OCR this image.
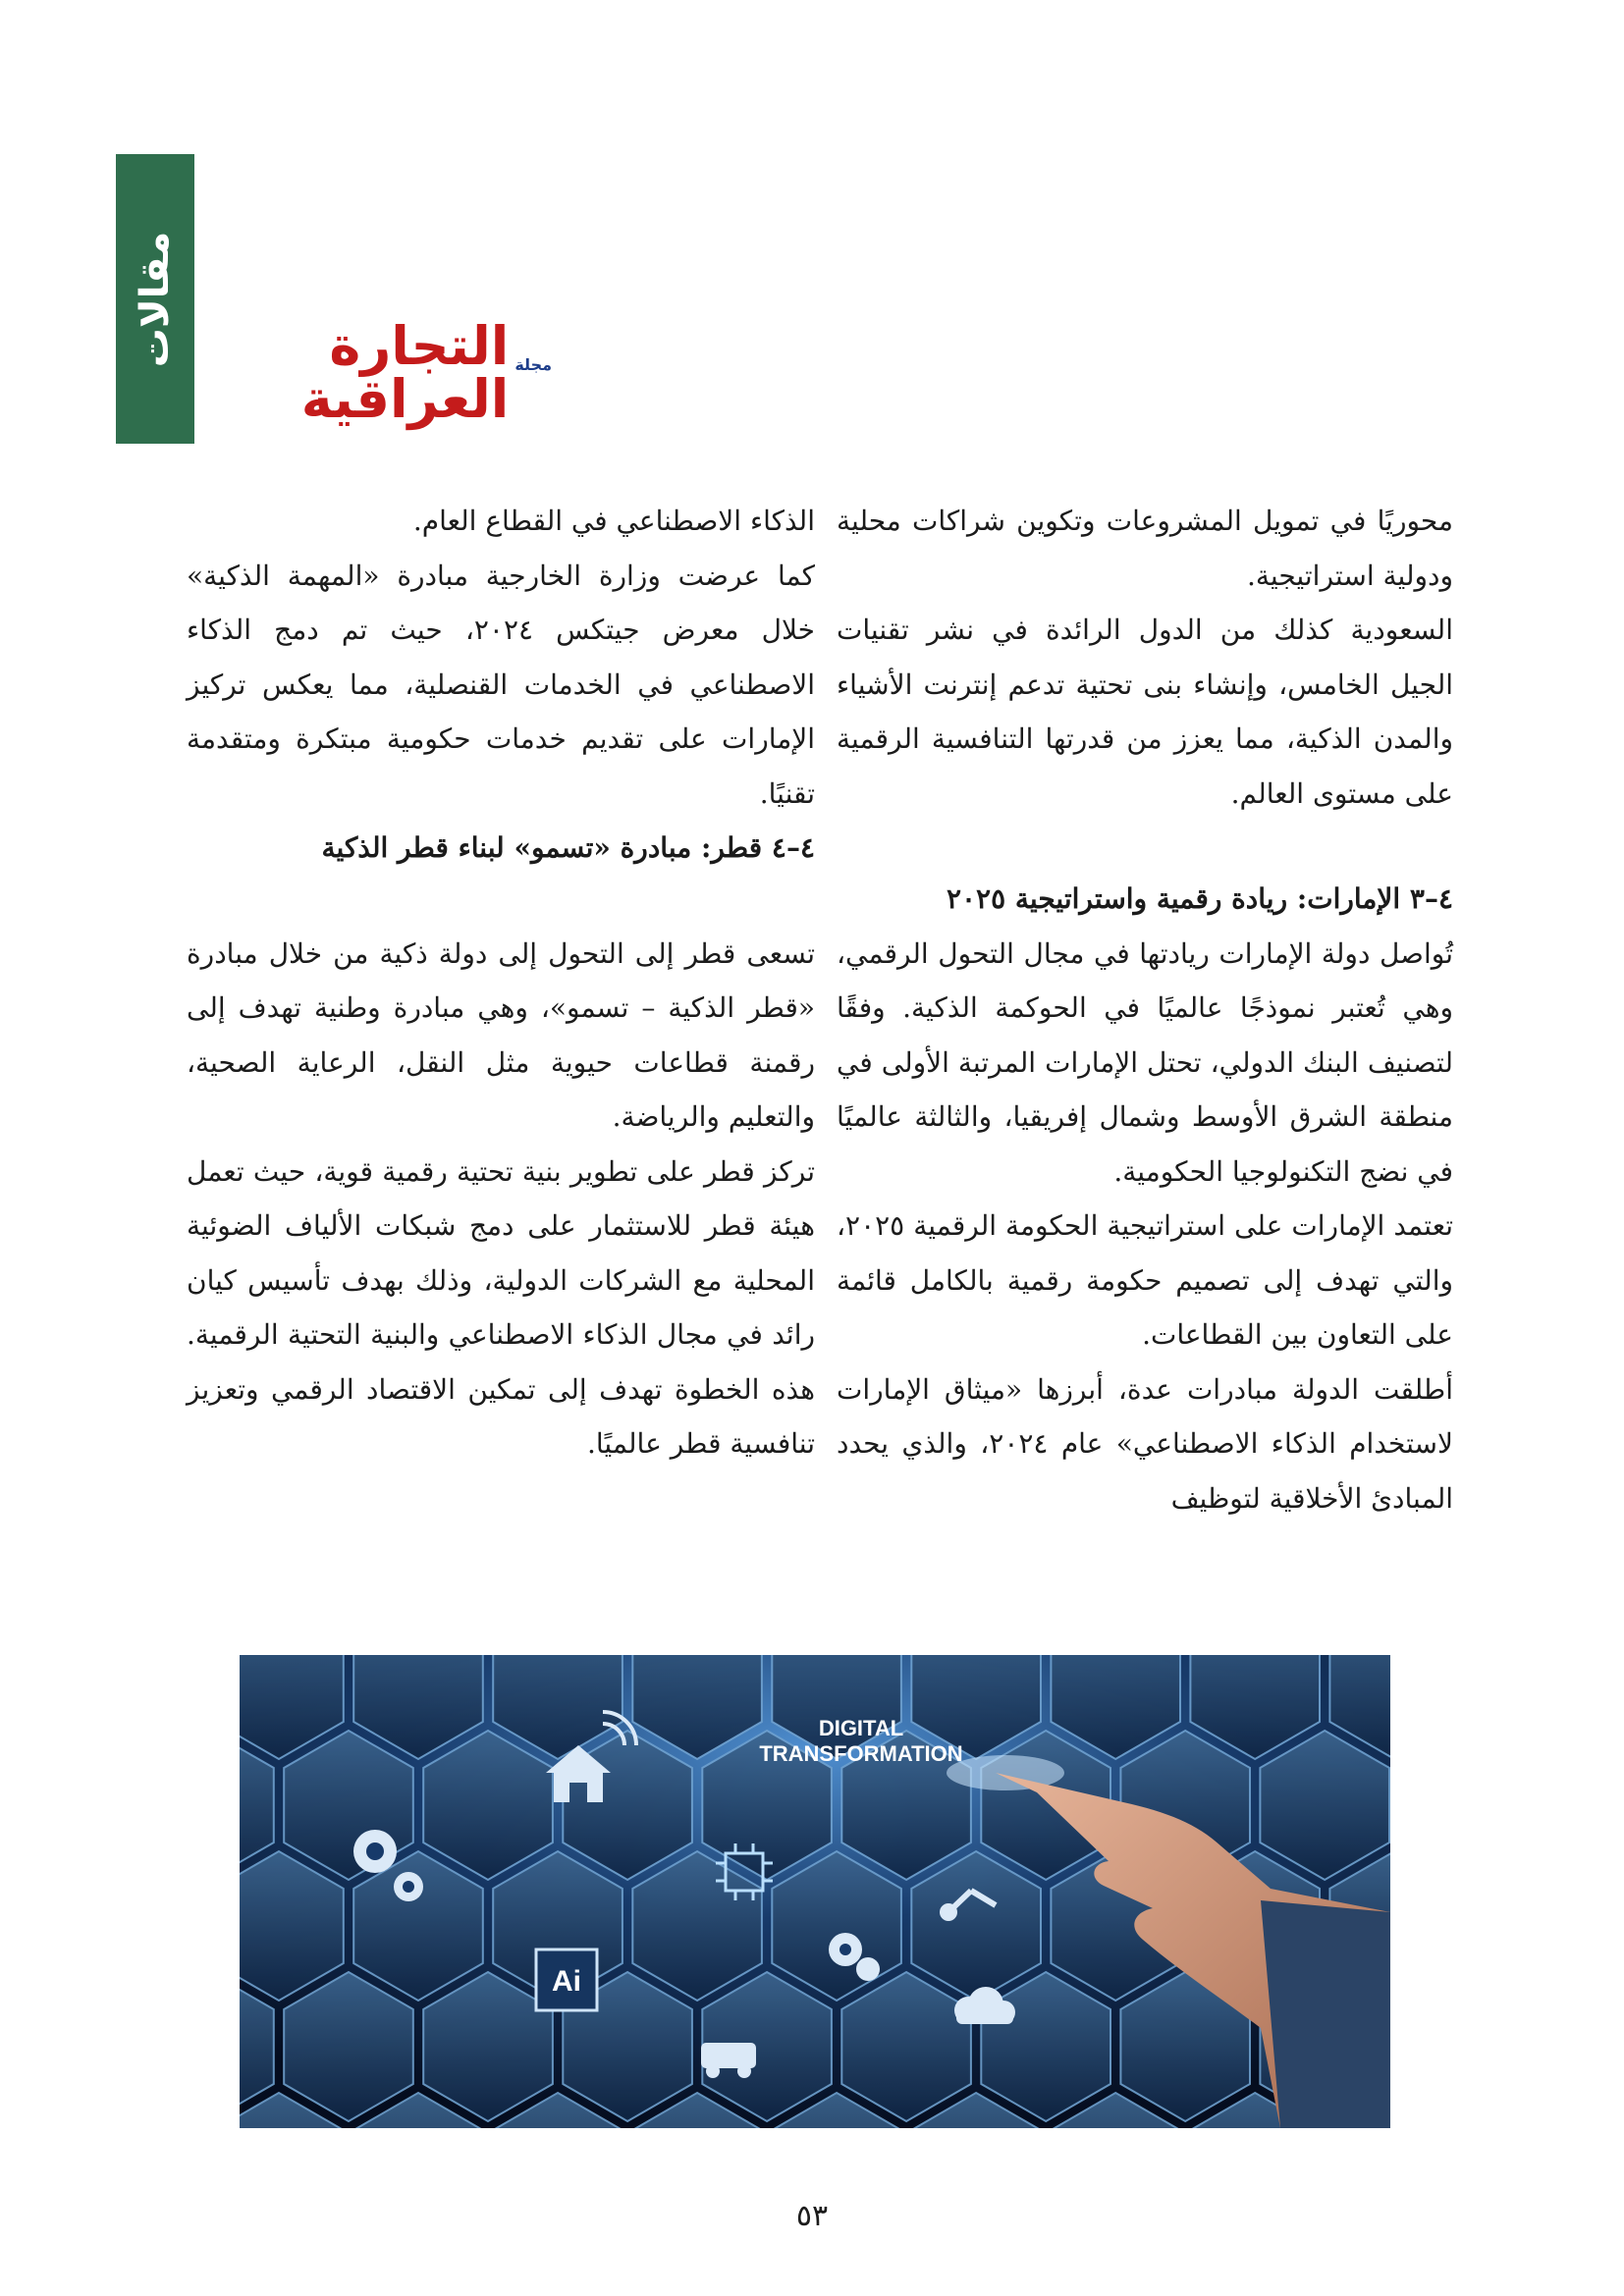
مقالات	مجلة
التجارة العراقية

محوريًا في تمويل المشروعات وتكوين شراكات محلية ودولية استراتيجية.

السعودية كذلك من الدول الرائدة في نشر تقنيات الجيل الخامس، وإنشاء بنى تحتية تدعم إنترنت الأشياء والمدن الذكية، مما يعزز من قدرتها التنافسية الرقمية على مستوى العالم.

٤–٣ الإمارات: ريادة رقمية واستراتيجية ٢٠٢٥

تُواصل دولة الإمارات ريادتها في مجال التحول الرقمي، وهي تُعتبر نموذجًا عالميًا في الحوكمة الذكية. وفقًا لتصنيف البنك الدولي، تحتل الإمارات المرتبة الأولى في منطقة الشرق الأوسط وشمال إفريقيا، والثالثة عالميًا في نضج التكنولوجيا الحكومية.

تعتمد الإمارات على استراتيجية الحكومة الرقمية ٢٠٢٥، والتي تهدف إلى تصميم حكومة رقمية بالكامل قائمة على التعاون بين القطاعات.

أطلقت الدولة مبادرات عدة، أبرزها «ميثاق الإمارات لاستخدام الذكاء الاصطناعي» عام ٢٠٢٤، والذي يحدد المبادئ الأخلاقية لتوظيف

الذكاء الاصطناعي في القطاع العام.

كما عرضت وزارة الخارجية مبادرة «المهمة الذكية» خلال معرض جيتكس ٢٠٢٤، حيث تم دمج الذكاء الاصطناعي في الخدمات القنصلية، مما يعكس تركيز الإمارات على تقديم خدمات حكومية مبتكرة ومتقدمة تقنيًا.

٤–٤ قطر: مبادرة «تسمو» لبناء قطر الذكية

تسعى قطر إلى التحول إلى دولة ذكية من خلال مبادرة «قطر الذكية – تسمو»، وهي مبادرة وطنية تهدف إلى رقمنة قطاعات حيوية مثل النقل، الرعاية الصحية، والتعليم والرياضة.

تركز قطر على تطوير بنية تحتية رقمية قوية، حيث تعمل هيئة قطر للاستثمار على دمج شبكات الألياف الضوئية المحلية مع الشركات الدولية، وذلك بهدف تأسيس كيان رائد في مجال الذكاء الاصطناعي والبنية التحتية الرقمية. هذه الخطوة تهدف إلى تمكين الاقتصاد الرقمي وتعزيز تنافسية قطر عالميًا.

Ai
DIGITAL
TRANSFORMATION
٥٣
